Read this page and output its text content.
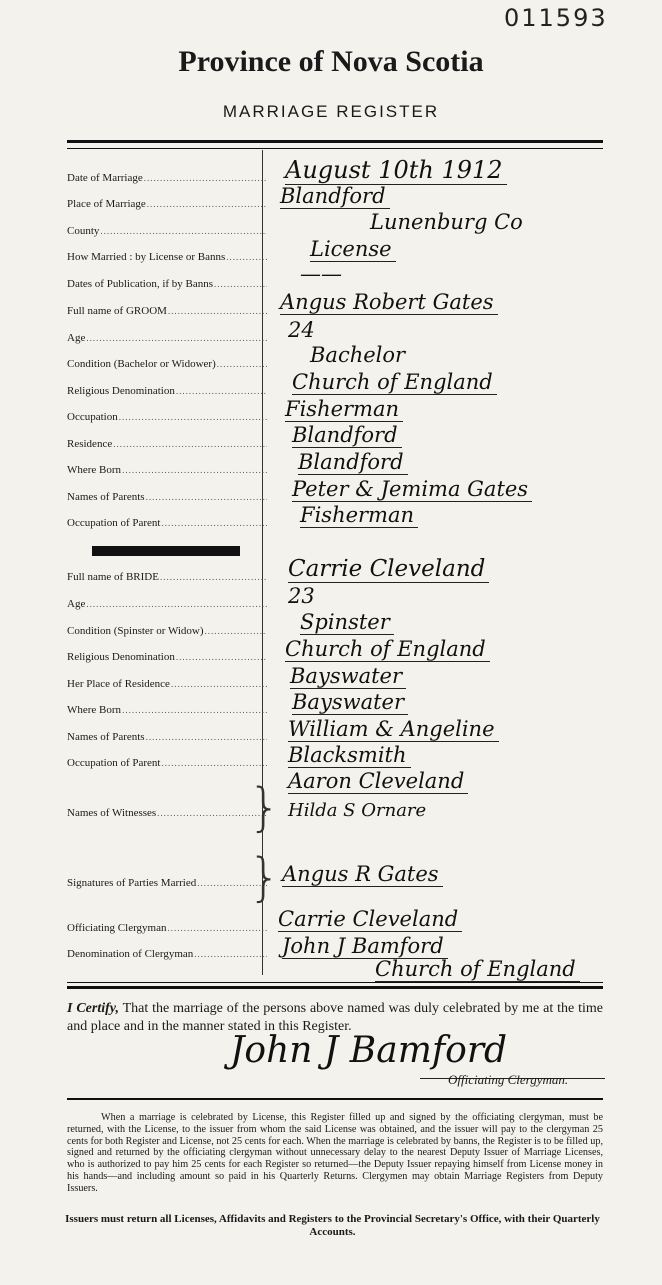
011593
Province of Nova Scotia
MARRIAGE REGISTER
Date of Marriage .....
Place of Marriage .....
County .....
How Married : by License or Banns .....
Dates of Publication, if by Banns .....
Full name of GROOM .....
Age .....
Condition (Bachelor or Widower) .....
Religious Denomination .....
Occupation .....
Residence .....
Where Born .....
Names of Parents .....
Occupation of Parent .....
Full name of BRIDE .....
Age .....
Condition (Spinster or Widow) .....
Religious Denomination .....
Her Place of Residence .....
Where Born .....
Names of Parents .....
Occupation of Parent .....
Names of Witnesses .....
Signatures of Parties Married .....
Officiating Clergyman .....
Denomination of Clergyman .....
}
}
August 10th 1912
Blandford
Lunenburg Co
License
——
Angus Robert Gates
24
Bachelor
Church of England
Fisherman
Blandford
Blandford
Peter & Jemima Gates
Fisherman
Carrie Cleveland
23
Spinster
Church of England
Bayswater
Bayswater
William & Angeline
Blacksmith
Aaron Cleveland
Hilda S Ornare
Angus R Gates
Carrie Cleveland
John J Bamford
Church of England
I Certify, That the marriage of the persons above named was duly celebrated by me at the time and place and in the manner stated in this Register.
John J Bamford
Officiating Clergyman.
When a marriage is celebrated by License, this Register filled up and signed by the officiating clergyman, must be returned, with the License, to the issuer from whom the said License was obtained, and the issuer will pay to the clergyman 25 cents for both Register and License, not 25 cents for each. When the marriage is celebrated by banns, the Register is to be filled up, signed and returned by the officiating clergyman without unnecessary delay to the nearest Deputy Issuer of Marriage Licenses, who is authorized to pay him 25 cents for each Register so returned—the Deputy Issuer repaying himself from License money in his hands—and including amount so paid in his Quarterly Returns. Clergymen may obtain Marriage Registers from Deputy Issuers.
Issuers must return all Licenses, Affidavits and Registers to the Provincial Secretary's Office, with their Quarterly Accounts.
